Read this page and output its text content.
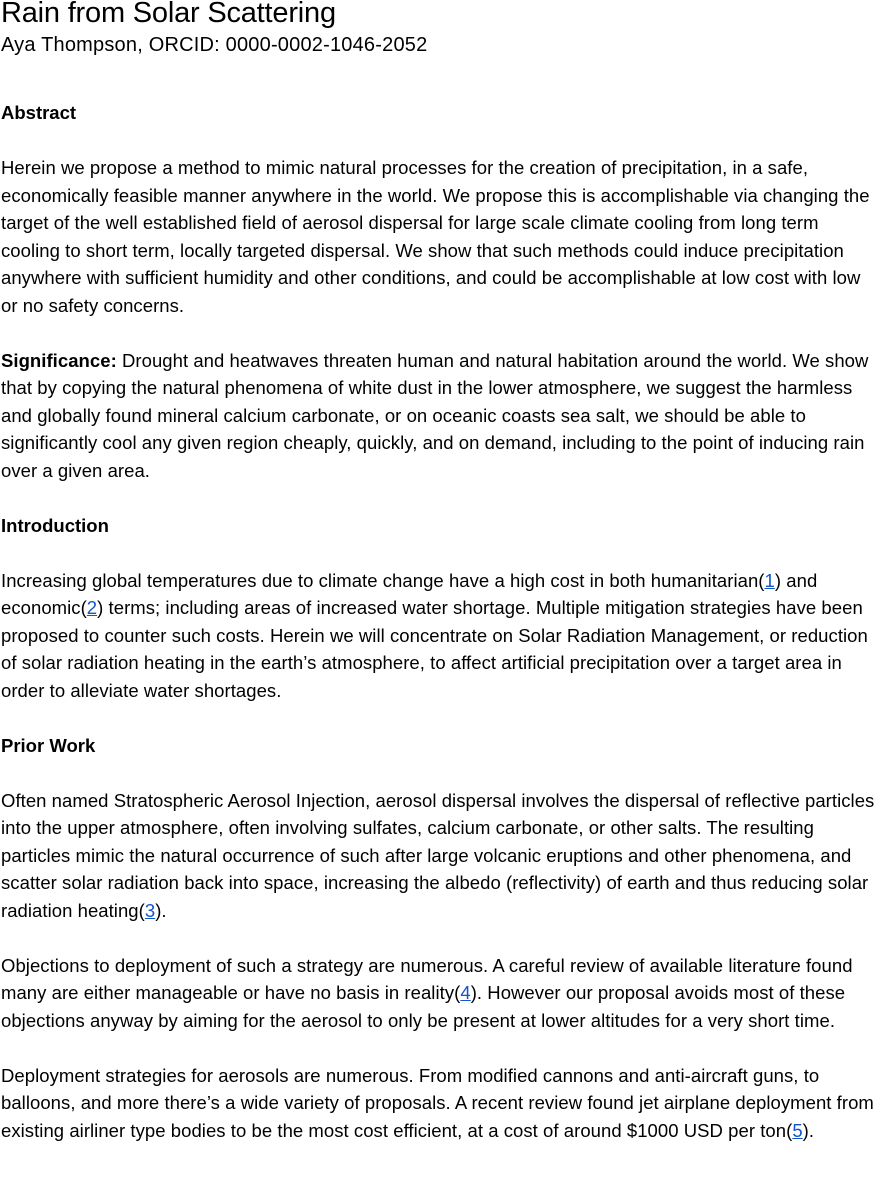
Rain from Solar Scattering
Aya Thompson, ORCID: 0000-0002-1046-2052
Abstract

Herein we propose a method to mimic natural processes for the creation of precipitation, in a safe, economically feasible manner anywhere in the world. We propose this is accomplishable via changing the target of the well established field of aerosol dispersal for large scale climate cooling from long term cooling to short term, locally targeted dispersal. We show that such methods could induce precipitation anywhere with sufficient humidity and other conditions, and could be accomplishable at low cost with low or no safety concerns.

Significance: Drought and heatwaves threaten human and natural habitation around the world. We show that by copying the natural phenomena of white dust in the lower atmosphere, we suggest the harmless and globally found mineral calcium carbonate, or on oceanic coasts sea salt, we should be able to significantly cool any given region cheaply, quickly, and on demand, including to the point of inducing rain over a given area.

Introduction

Increasing global temperatures due to climate change have a high cost in both humanitarian(1) and economic(2) terms; including areas of increased water shortage. Multiple mitigation strategies have been proposed to counter such costs. Herein we will concentrate on Solar Radiation Management, or reduction of solar radiation heating in the earth’s atmosphere, to affect artificial precipitation over a target area in order to alleviate water shortages.

Prior Work

Often named Stratospheric Aerosol Injection, aerosol dispersal involves the dispersal of reflective particles into the upper atmosphere, often involving sulfates, calcium carbonate, or other salts. The resulting particles mimic the natural occurrence of such after large volcanic eruptions and other phenomena, and scatter solar radiation back into space, increasing the albedo (reflectivity) of earth and thus reducing solar radiation heating(3).

Objections to deployment of such a strategy are numerous. A careful review of available literature found many are either manageable or have no basis in reality(4). However our proposal avoids most of these objections anyway by aiming for the aerosol to only be present at lower altitudes for a very short time.

Deployment strategies for aerosols are numerous. From modified cannons and anti-aircraft guns, to balloons, and more there’s a wide variety of proposals. A recent review found jet airplane deployment from existing airliner type bodies to be the most cost efficient, at a cost of around $1000 USD per ton(5).
